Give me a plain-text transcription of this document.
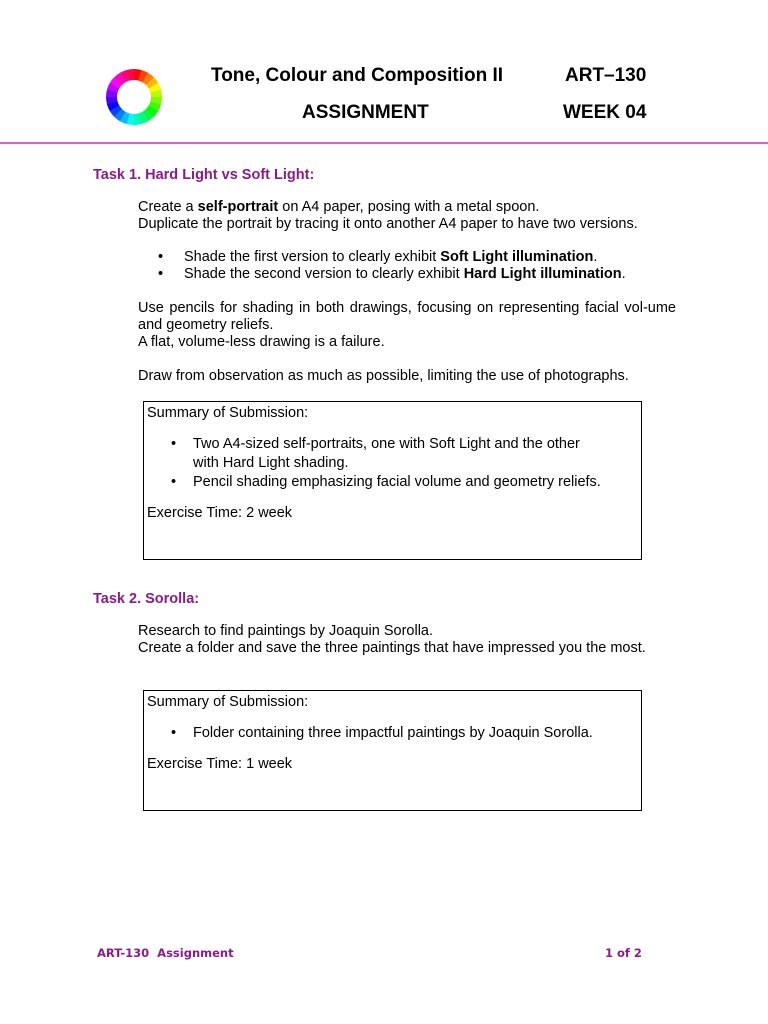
Tone, Colour and Composition II	ART–130
ASSIGNMENT	WEEK 04
Task 1. Hard Light vs Soft Light:

Create a self-portrait on A4 paper, posing with a metal spoon.

Duplicate the portrait by tracing it onto another A4 paper to have two versions.

• Shade the first version to clearly exhibit Soft Light illumination.
• Shade the second version to clearly exhibit Hard Light illumination.

Use pencils for shading in both drawings, focusing on representing facial vol-ume and geometry reliefs.

A flat, volume-less drawing is a failure.

Draw from observation as much as possible, limiting the use of photographs.

Summary of Submission:

• Two A4-sized self-portraits, one with Soft Light and the other with Hard Light shading.
• Pencil shading emphasizing facial volume and geometry reliefs.

Exercise Time: 2 week

Task 2. Sorolla:

Research to find paintings by Joaquin Sorolla.

Create a folder and save the three paintings that have impressed you the most.

Summary of Submission:

• Folder containing three impactful paintings by Joaquin Sorolla.

Exercise Time: 1 week

ART-130  Assignment	1 of 2
